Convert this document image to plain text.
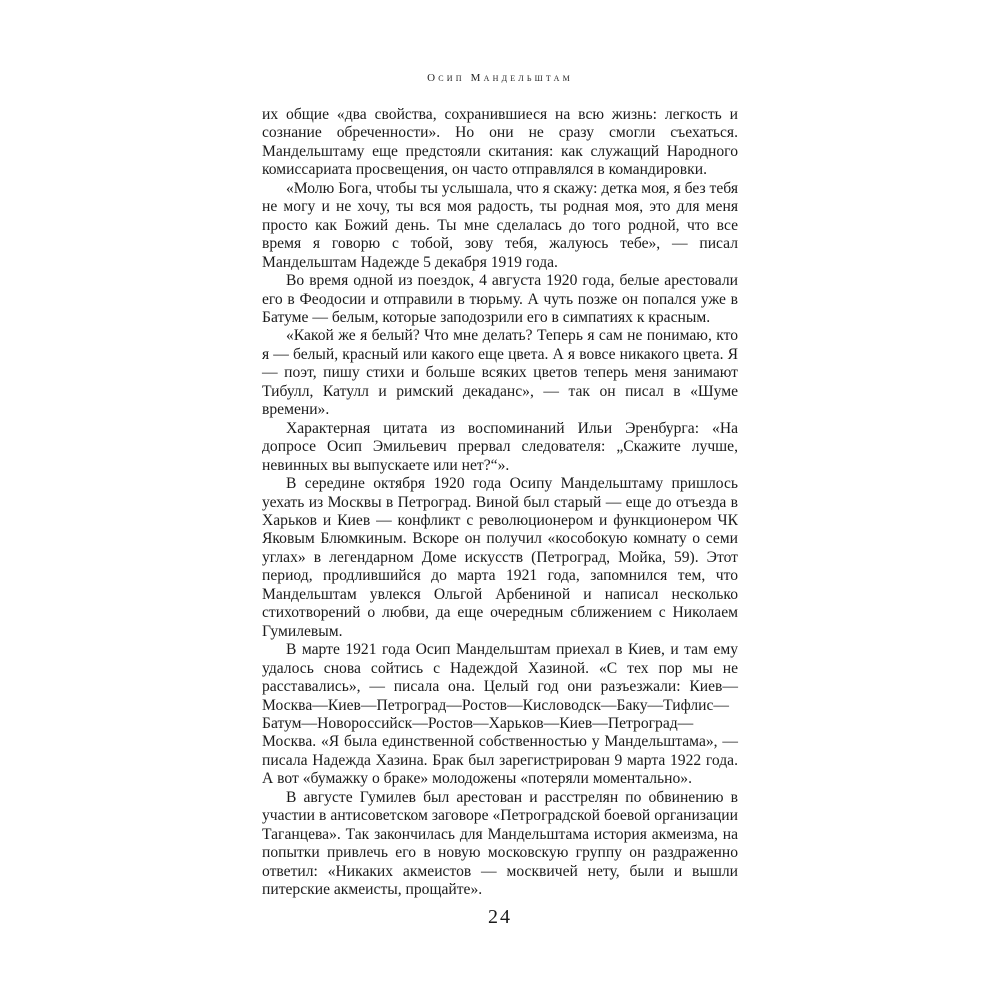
Осип Мандельштам

их общие «два свойства, сохранившиеся на всю жизнь: легкость и сознание обреченности». Но они не сразу смогли съехаться. Мандельштаму еще предстояли скитания: как служащий Народного комиссариата просвещения, он часто отправлялся в командировки.

«Молю Бога, чтобы ты услышала, что я скажу: детка моя, я без тебя не могу и не хочу, ты вся моя радость, ты родная моя, это для меня просто как Божий день. Ты мне сделалась до того родной, что все время я говорю с тобой, зову тебя, жалуюсь тебе», — писал Мандельштам Надежде 5 декабря 1919 года.

Во время одной из поездок, 4 августа 1920 года, белые арестовали его в Феодосии и отправили в тюрьму. А чуть позже он попался уже в Батуме — белым, которые заподозрили его в симпатиях к красным.

«Какой же я белый? Что мне делать? Теперь я сам не понимаю, кто я — белый, красный или какого еще цвета. А я вовсе никакого цвета. Я — поэт, пишу стихи и больше всяких цветов теперь меня занимают Тибулл, Катулл и римский декаданс», — так он писал в «Шуме времени».

Характерная цитата из воспоминаний Ильи Эренбурга: «На допросе Осип Эмильевич прервал следователя: „Скажите лучше, невинных вы выпускаете или нет?“».

В середине октября 1920 года Осипу Мандельштаму пришлось уехать из Москвы в Петроград. Виной был старый — еще до отъезда в Харьков и Киев — конфликт с революционером и функционером ЧК Яковым Блюмкиным. Вскоре он получил «кособокую комнату о семи углах» в легендарном Доме искусств (Петроград, Мойка, 59). Этот период, продлившийся до марта 1921 года, запомнился тем, что Мандельштам увлекся Ольгой Арбениной и написал несколько стихотворений о любви, да еще очередным сближением с Николаем Гумилевым.

В марте 1921 года Осип Мандельштам приехал в Киев, и там ему удалось снова сойтись с Надеждой Хазиной. «С тех пор мы не расставались», — писала она. Целый год они разъезжали: Киев—Москва—Киев—Петроград—Ростов—Кисловодск—Баку—Тифлис—Батум—Новороссийск—Ростов—Харьков—Киев—Петроград—Москва. «Я была единственной собственностью у Мандельштама», — писала Надежда Хазина. Брак был зарегистрирован 9 марта 1922 года. А вот «бумажку о браке» молодожены «потеряли моментально».

В августе Гумилев был арестован и расстрелян по обвинению в участии в антисоветском заговоре «Петроградской боевой организации Таганцева». Так закончилась для Мандельштама история акмеизма, на попытки привлечь его в новую московскую группу он раздраженно ответил: «Никаких акмеистов — москвичей нету, были и вышли питерские акмеисты, прощайте».

24
